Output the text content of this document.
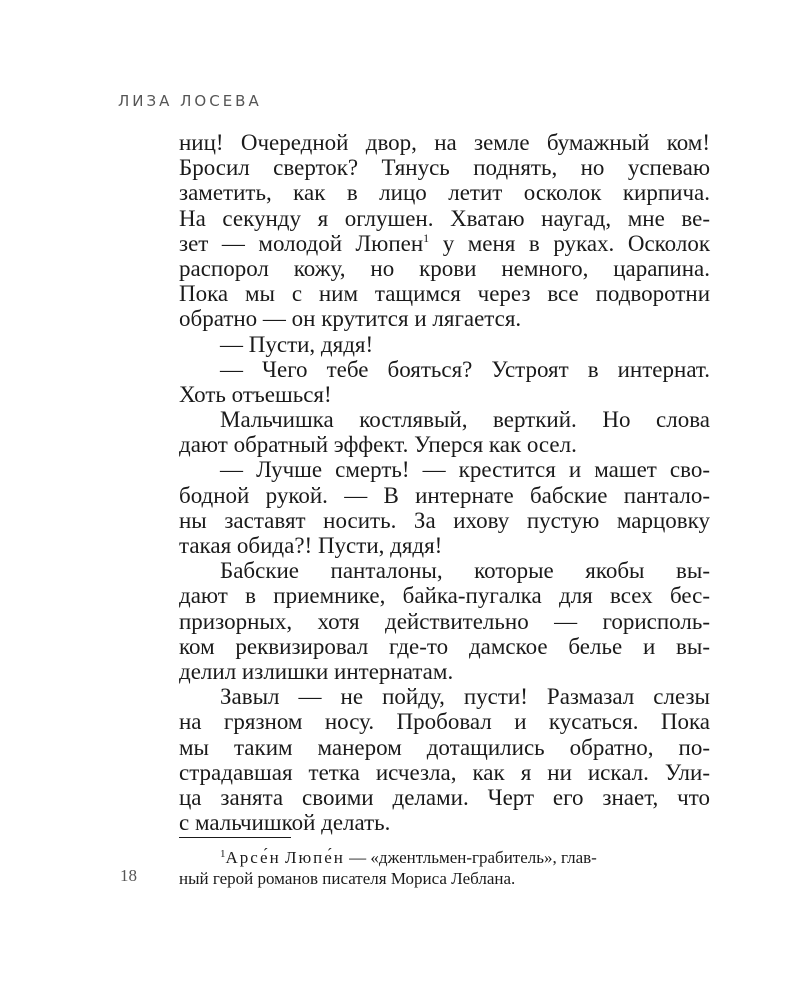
ЛИЗА ЛОСЕВА
ниц! Очередной двор, на земле бумажный ком!
Бросил сверток? Тянусь поднять, но успеваю
заметить, как в лицо летит осколок кирпича.
На секунду я оглушен. Хватаю наугад, мне ве-
зет — молодой Люпен$^1$ у меня в руках. Осколок
распорол кожу, но крови немного, царапина.
Пока мы с ним тащимся через все подворотни
обратно — он крутится и лягается.
— Пусти, дядя!
— Чего тебе бояться? Устроят в интернат.
Хоть отъешься!
Мальчишка костлявый, верткий. Но слова
дают обратный эффект. Уперся как осел.
— Лучше смерть! — крестится и машет сво-
бодной рукой. — В интернате бабские панталo-
ны заставят носить. За ихову пустую марцовку
такая обида?! Пусти, дядя!
Бабские панталоны, которые якобы вы-
дают в приемнике, байка-пугалка для всех бес-
призорных, хотя действительно — горисполь-
ком реквизировал где-то дамское белье и вы-
делил излишки интернатам.
Завыл — не пойду, пусти! Размазал слезы
на грязном носу. Пробовал и кусаться. Пока
мы таким манером дотащились обратно, по-
страдавшая тетка исчезла, как я ни искал. Ули-
ца занята своими делами. Черт его знает, что
с мальчишкой делать.
$^1$Арсе́н Люпе́н — «джентльмен-грабитель», глав-
ный герой романов писателя Мориса Леблана.
18
